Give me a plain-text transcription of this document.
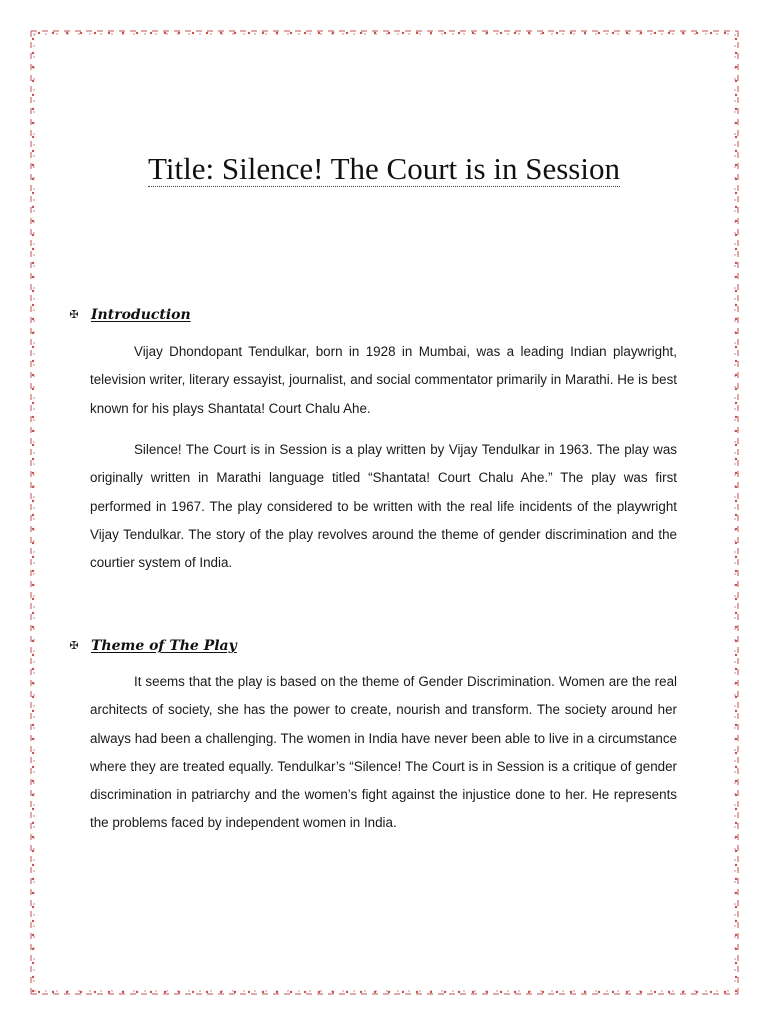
Title: Silence! The Court is in Session
✠ Introduction

Vijay Dhondopant Tendulkar, born in 1928 in Mumbai, was a leading Indian playwright, television writer, literary essayist, journalist, and social commentator primarily in Marathi. He is best known for his plays Shantata! Court Chalu Ahe.

Silence! The Court is in Session is a play written by Vijay Tendulkar in 1963. The play was originally written in Marathi language titled “Shantata! Court Chalu Ahe.” The play was first performed in 1967. The play considered to be written with the real life incidents of the playwright Vijay Tendulkar. The story of the play revolves around the theme of gender discrimination and the courtier system of India.

✠ Theme of The Play

It seems that the play is based on the theme of Gender Discrimination. Women are the real architects of society, she has the power to create, nourish and transform. The society around her always had been a challenging. The women in India have never been able to live in a circumstance where they are treated equally. Tendulkar’s “Silence! The Court is in Session is a critique of gender discrimination in patriarchy and the women’s fight against the injustice done to her. He represents the problems faced by independent women in India.
